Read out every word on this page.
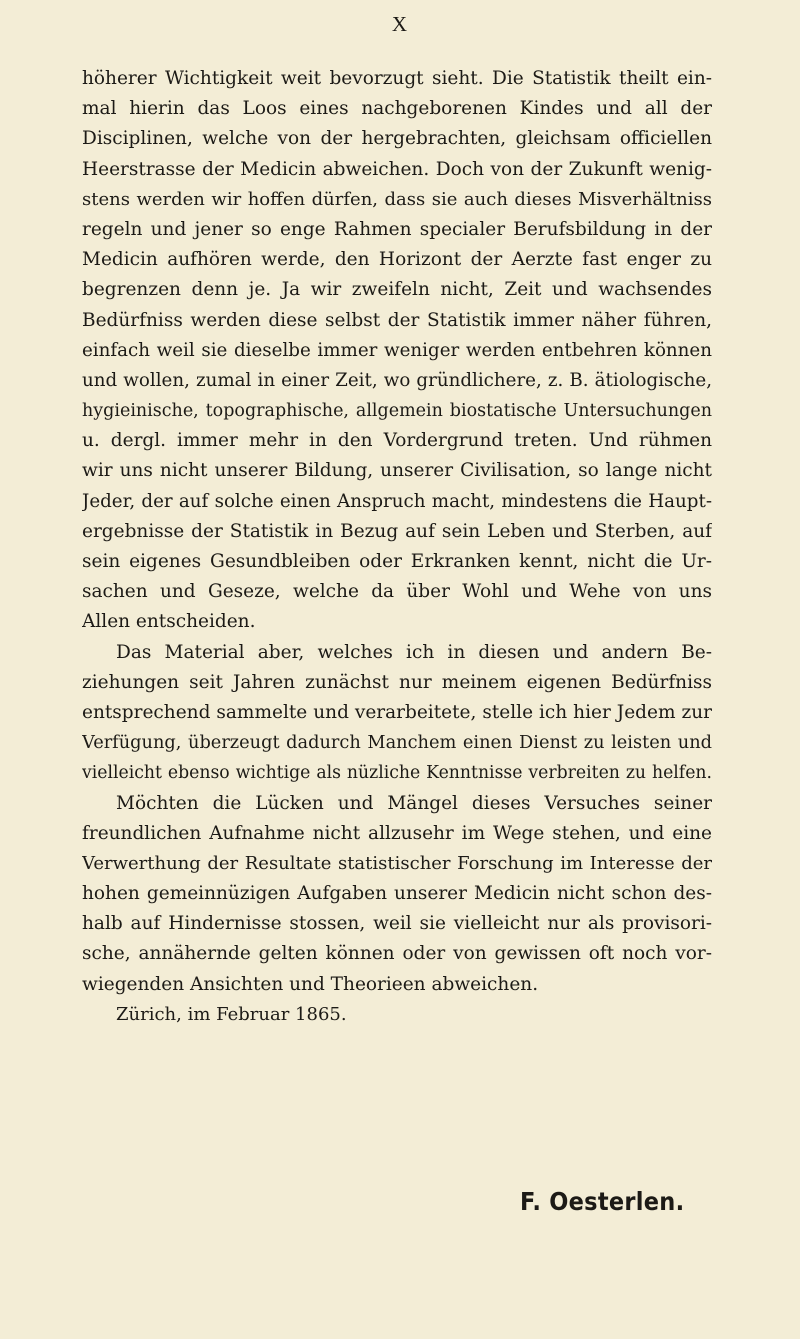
X
höherer Wichtigkeit weit bevorzugt sieht. Die Statistik theilt ein-
mal hierin das Loos eines nachgeborenen Kindes und all der
Disciplinen, welche von der hergebrachten, gleichsam officiellen
Heerstrasse der Medicin abweichen. Doch von der Zukunft wenig-
stens werden wir hoffen dürfen, dass sie auch dieses Misverhältniss
regeln und jener so enge Rahmen specialer Berufsbildung in der
Medicin aufhören werde, den Horizont der Aerzte fast enger zu
begrenzen denn je. Ja wir zweifeln nicht, Zeit und wachsendes
Bedürfniss werden diese selbst der Statistik immer näher führen,
einfach weil sie dieselbe immer weniger werden entbehren können
und wollen, zumal in einer Zeit, wo gründlichere, z. B. ätiologische,
hygieinische, topographische, allgemein biostatische Untersuchungen
u. dergl. immer mehr in den Vordergrund treten. Und rühmen
wir uns nicht unserer Bildung, unserer Civilisation, so lange nicht
Jeder, der auf solche einen Anspruch macht, mindestens die Haupt-
ergebnisse der Statistik in Bezug auf sein Leben und Sterben, auf
sein eigenes Gesundbleiben oder Erkranken kennt, nicht die Ur-
sachen und Geseze, welche da über Wohl und Wehe von uns
Allen entscheiden.
Das Material aber, welches ich in diesen und andern Be-
ziehungen seit Jahren zunächst nur meinem eigenen Bedürfniss
entsprechend sammelte und verarbeitete, stelle ich hier Jedem zur
Verfügung, überzeugt dadurch Manchem einen Dienst zu leisten und
vielleicht ebenso wichtige als nüzliche Kenntnisse verbreiten zu helfen.
Möchten die Lücken und Mängel dieses Versuches seiner
freundlichen Aufnahme nicht allzusehr im Wege stehen, und eine
Verwerthung der Resultate statistischer Forschung im Interesse der
hohen gemeinnüzigen Aufgaben unserer Medicin nicht schon des-
halb auf Hindernisse stossen, weil sie vielleicht nur als provisori-
sche, annähernde gelten können oder von gewissen oft noch vor-
wiegenden Ansichten und Theorieen abweichen.
Zürich, im Februar 1865.
F. Oesterlen.
